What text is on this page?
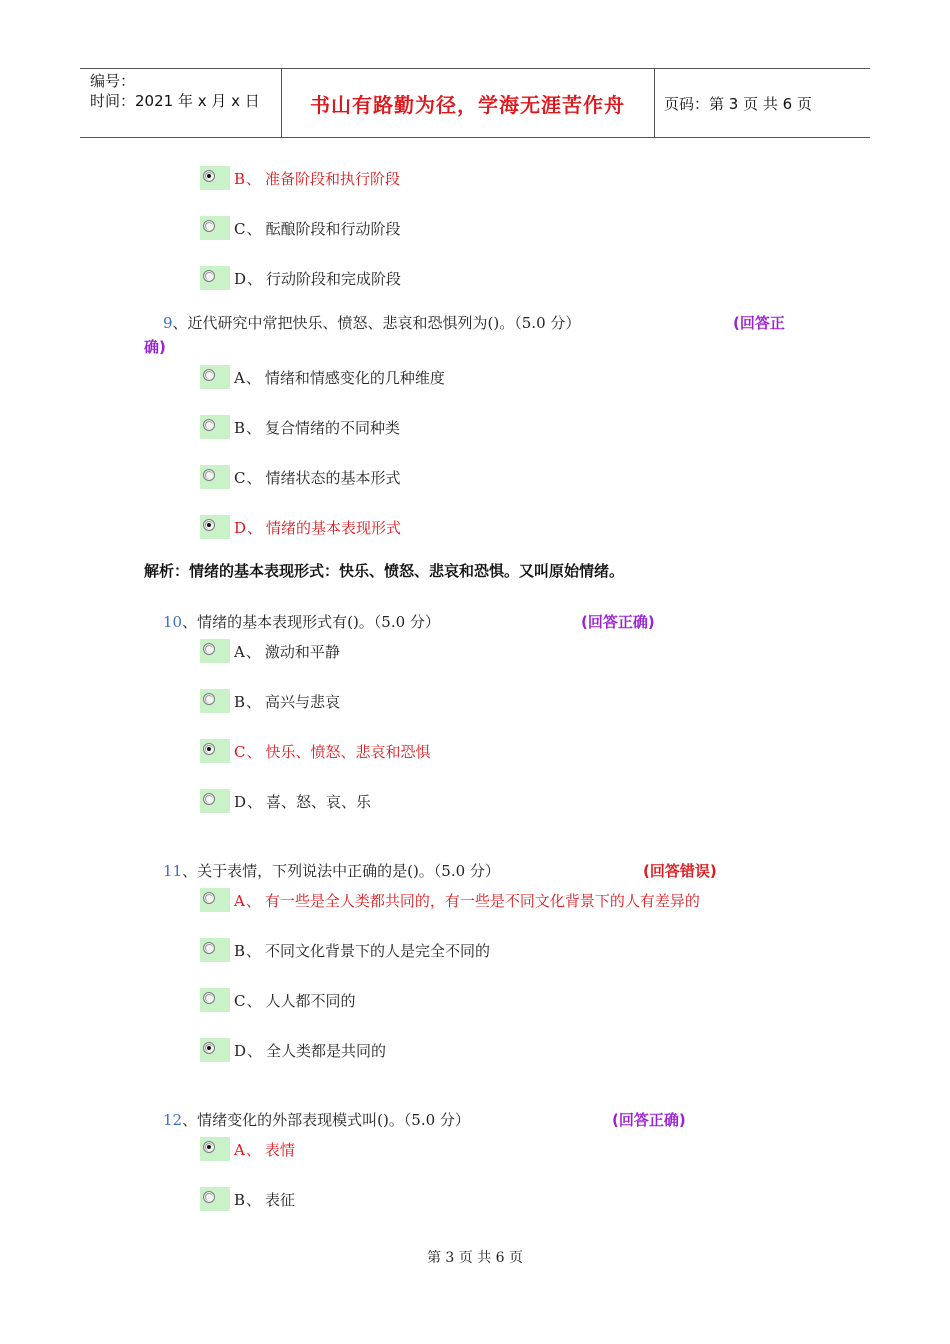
编号：
时间：2021 年 x 月 x 日	书山有路勤为径，学海无涯苦作舟	页码：第 3 页 共 6 页
B、 准备阶段和执行阶段
C、 酝酿阶段和行动阶段
D、 行动阶段和完成阶段
9、近代研究中常把快乐、愤怒、悲哀和恐惧列为()。（5.0 分）	(回答正
确)
A、 情绪和情感变化的几种维度
B、 复合情绪的不同种类
C、 情绪状态的基本形式
D、 情绪的基本表现形式
解析：情绪的基本表现形式：快乐、愤怒、悲哀和恐惧。又叫原始情绪。
10、情绪的基本表现形式有()。（5.0 分）	(回答正确)
A、 激动和平静
B、 高兴与悲哀
C、 快乐、愤怒、悲哀和恐惧
D、 喜、怒、哀、乐
11、关于表情，下列说法中正确的是()。（5.0 分）	(回答错误)
A、 有一些是全人类都共同的，有一些是不同文化背景下的人有差异的
B、 不同文化背景下的人是完全不同的
C、 人人都不同的
D、 全人类都是共同的
12、情绪变化的外部表现模式叫()。（5.0 分）	(回答正确)
A、 表情
B、 表征
第 3 页 共 6 页
